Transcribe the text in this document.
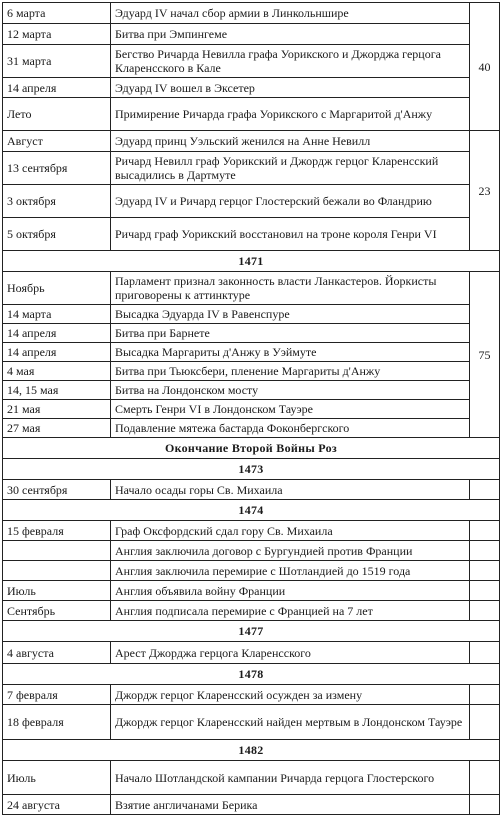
6 марта	Эдуард IV начал сбор армии в Линкольншире	40
12 марта	Битва при Эмпингеме	
31 марта	Бегство Ричарда Невилла графа Уорикского и Джорджа герцога Кларенсского в Кале	
14 апреля	Эдуард IV вошел в Эксетер	
Лето	Примирение Ричарда графа Уорикского с Маргаритой д'Анжу	
Август	Эдуард принц Уэльский женился на Анне Невилл	23
13 сентября	Ричард Невилл граф Уорикский и Джордж герцог Кларенсский высадились в Дартмуте	
3 октября	Эдуард IV и Ричард герцог Глостерский бежали во Фландрию	
5 октября	Ричард граф Уорикский восстановил на троне короля Генри VI	
1471		
Ноябрь	Парламент признал законность власти Ланкастеров. Йоркисты приговорены к аттинктуре	75
14 марта	Высадка Эдуарда IV в Равенспуре	
14 апреля	Битва при Барнете	
14 апреля	Высадка Маргариты д'Анжу в Уэймуте	
4 мая	Битва при Тьюксбери, пленение Маргариты д'Анжу	
14, 15 мая	Битва на Лондонском мосту	
21 мая	Смерть Генри VI в Лондонском Тауэре	
27 мая	Подавление мятежа бастарда Фоконбергского	
Окончание Второй Войны Роз		
1473		
30 сентября	Начало осады горы Св. Михаила	
1474		
15 февраля	Граф Оксфордский сдал гору Св. Михаила	
	Англия заключила договор с Бургундией против Франции	
	Англия заключила перемирие с Шотландией до 1519 года	
Июль	Англия объявила войну Франции	
Сентябрь	Англия подписала перемирие с Францией на 7 лет	
1477		
4 августа	Арест Джорджа герцога Кларенсского	
1478		
7 февраля	Джордж герцог Кларенсский осужден за измену	
18 февраля	Джордж герцог Кларенсский найден мертвым в Лондонском Тауэре	
1482		
Июль	Начало Шотландской кампании Ричарда герцога Глостерского	
24 августа	Взятие англичанами Берика	
